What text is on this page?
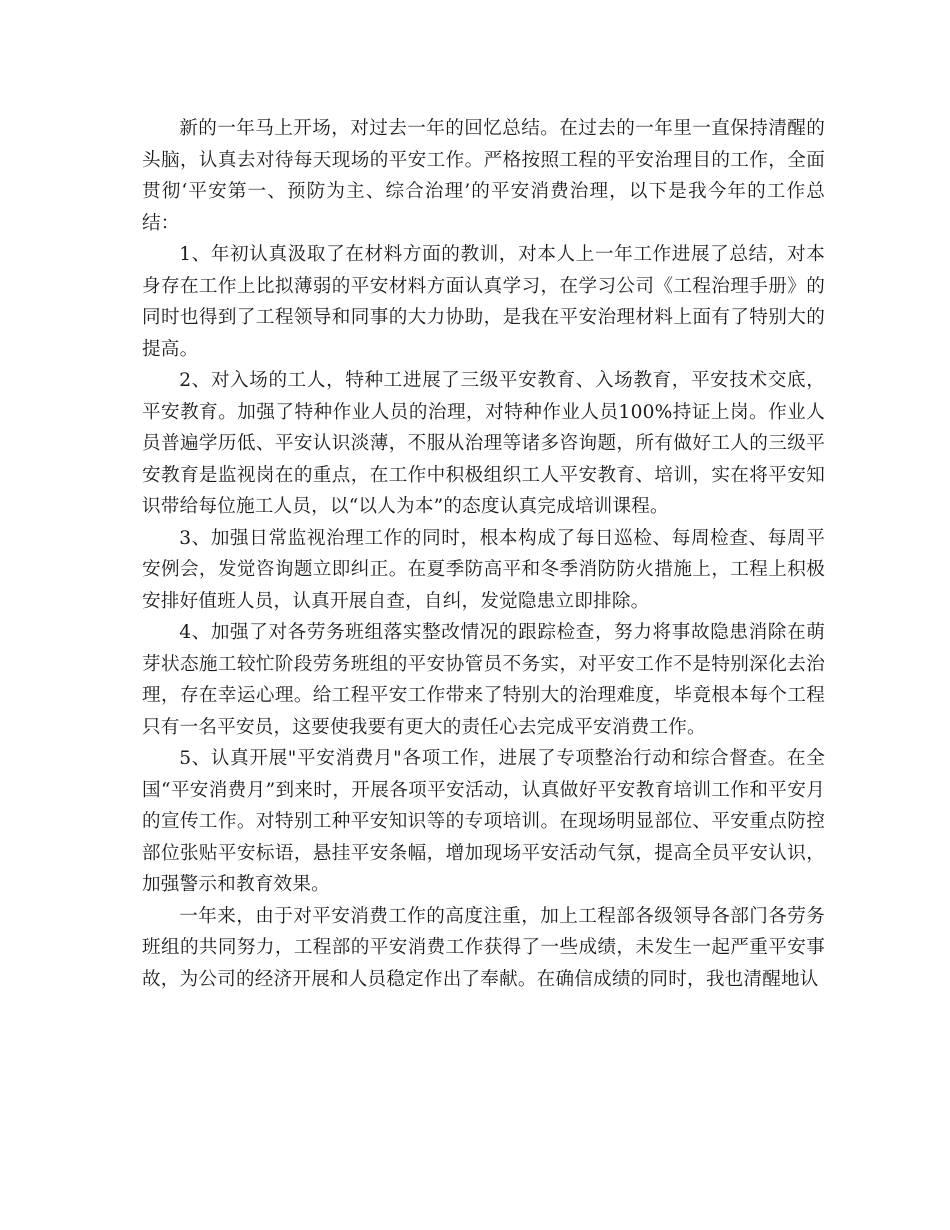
新的一年马上开场，对过去一年的回忆总结。在过去的一年里一直保持清醒的头脑，认真去对待每天现场的平安工作。严格按照工程的平安治理目的工作，全面贯彻‘平安第一、预防为主、综合治理’的平安消费治理，以下是我今年的工作总结：

1、年初认真汲取了在材料方面的教训，对本人上一年工作进展了总结，对本身存在工作上比拟薄弱的平安材料方面认真学习，在学习公司《工程治理手册》的同时也得到了工程领导和同事的大力协助，是我在平安治理材料上面有了特别大的提高。

2、对入场的工人，特种工进展了三级平安教育、入场教育，平安技术交底，平安教育。加强了特种作业人员的治理，对特种作业人员100%持证上岗。作业人员普遍学历低、平安认识淡薄，不服从治理等诸多咨询题，所有做好工人的三级平安教育是监视岗在的重点，在工作中积极组织工人平安教育、培训，实在将平安知识带给每位施工人员，以“以人为本”的态度认真完成培训课程。

3、加强日常监视治理工作的同时，根本构成了每日巡检、每周检查、每周平安例会，发觉咨询题立即纠正。在夏季防高平和冬季消防防火措施上，工程上积极安排好值班人员，认真开展自查，自纠，发觉隐患立即排除。

4、加强了对各劳务班组落实整改情况的跟踪检查，努力将事故隐患消除在萌芽状态施工较忙阶段劳务班组的平安协管员不务实，对平安工作不是特别深化去治理，存在幸运心理。给工程平安工作带来了特别大的治理难度，毕竟根本每个工程只有一名平安员，这要使我要有更大的责任心去完成平安消费工作。

5、认真开展"平安消费月"各项工作，进展了专项整治行动和综合督查。在全国“平安消费月”到来时，开展各项平安活动，认真做好平安教育培训工作和平安月的宣传工作。对特别工种平安知识等的专项培训。在现场明显部位、平安重点防控部位张贴平安标语，悬挂平安条幅，增加现场平安活动气氛，提高全员平安认识，加强警示和教育效果。

一年来，由于对平安消费工作的高度注重，加上工程部各级领导各部门各劳务班组的共同努力，工程部的平安消费工作获得了一些成绩，未发生一起严重平安事故，为公司的经济开展和人员稳定作出了奉献。在确信成绩的同时，我也清醒地认
